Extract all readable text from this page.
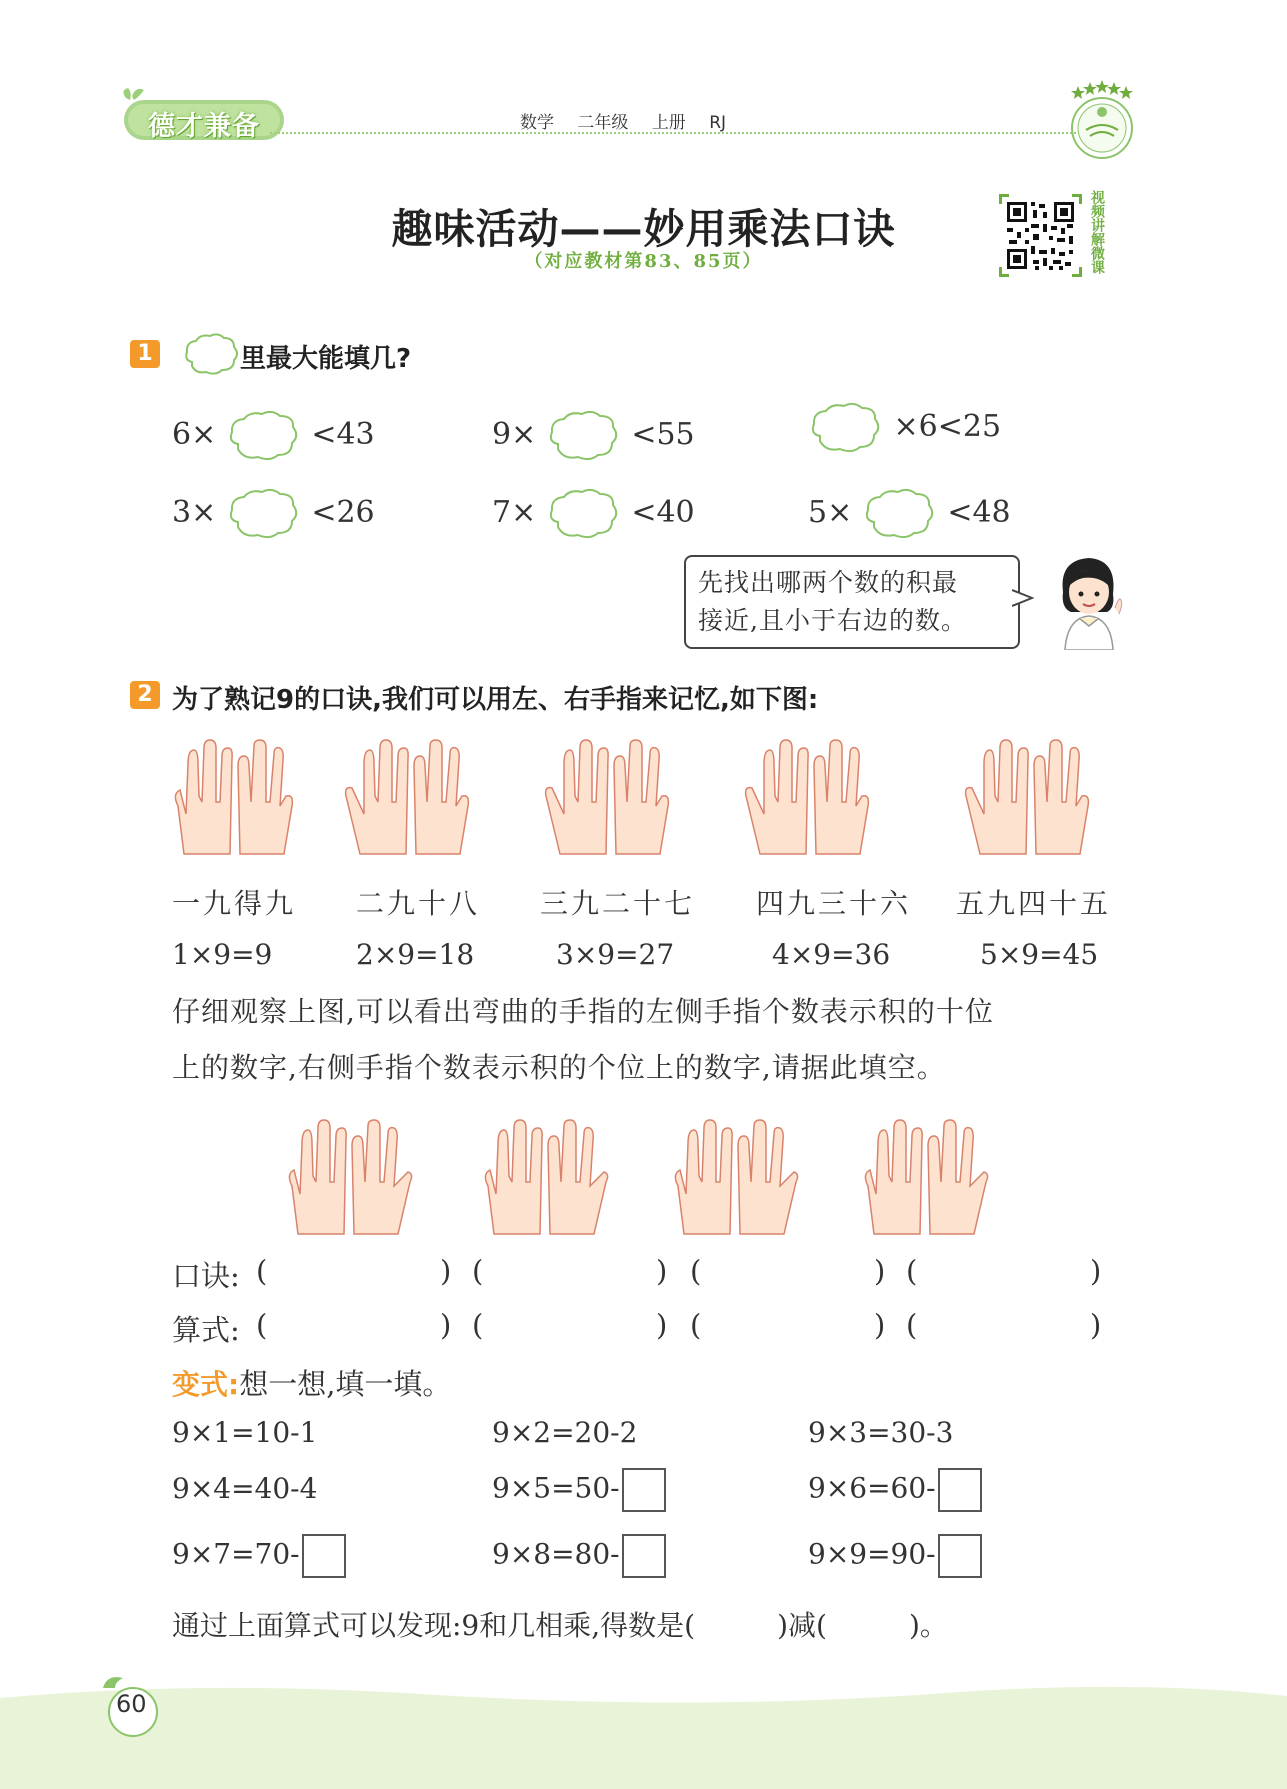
德才兼备	数学 二年级 上册 RJ
趣味活动——妙用乘法口诀
（对应教材第83、85页）	视频讲解微课
1	里最大能填几?
6×	<43	9×	<55	×6<25
3×	<26	7×	<40	5×	<48
先找出哪两个数的积最
接近,且小于右边的数。
2 为了熟记9的口诀,我们可以用左、右手指来记忆,如下图:
一九得九 二九十八 三九二十七 四九三十六 五九四十五
1×9=9	2×9=18	3×9=27	4×9=36	5×9=45
仔细观察上图,可以看出弯曲的手指的左侧手指个数表示积的十位
上的数字,右侧手指个数表示积的个位上的数字,请据此填空。
口诀: (	) (	) (	) (	)
算式: (	) (	) (	) (	)
变式:想一想,填一填。
9×1=10-1	9×2=20-2	9×3=30-3
9×4=40-4	9×5=50-	9×6=60-
9×7=70-	9×8=80-	9×9=90-
通过上面算式可以发现:9和几相乘,得数是(	)减(	)。
60
